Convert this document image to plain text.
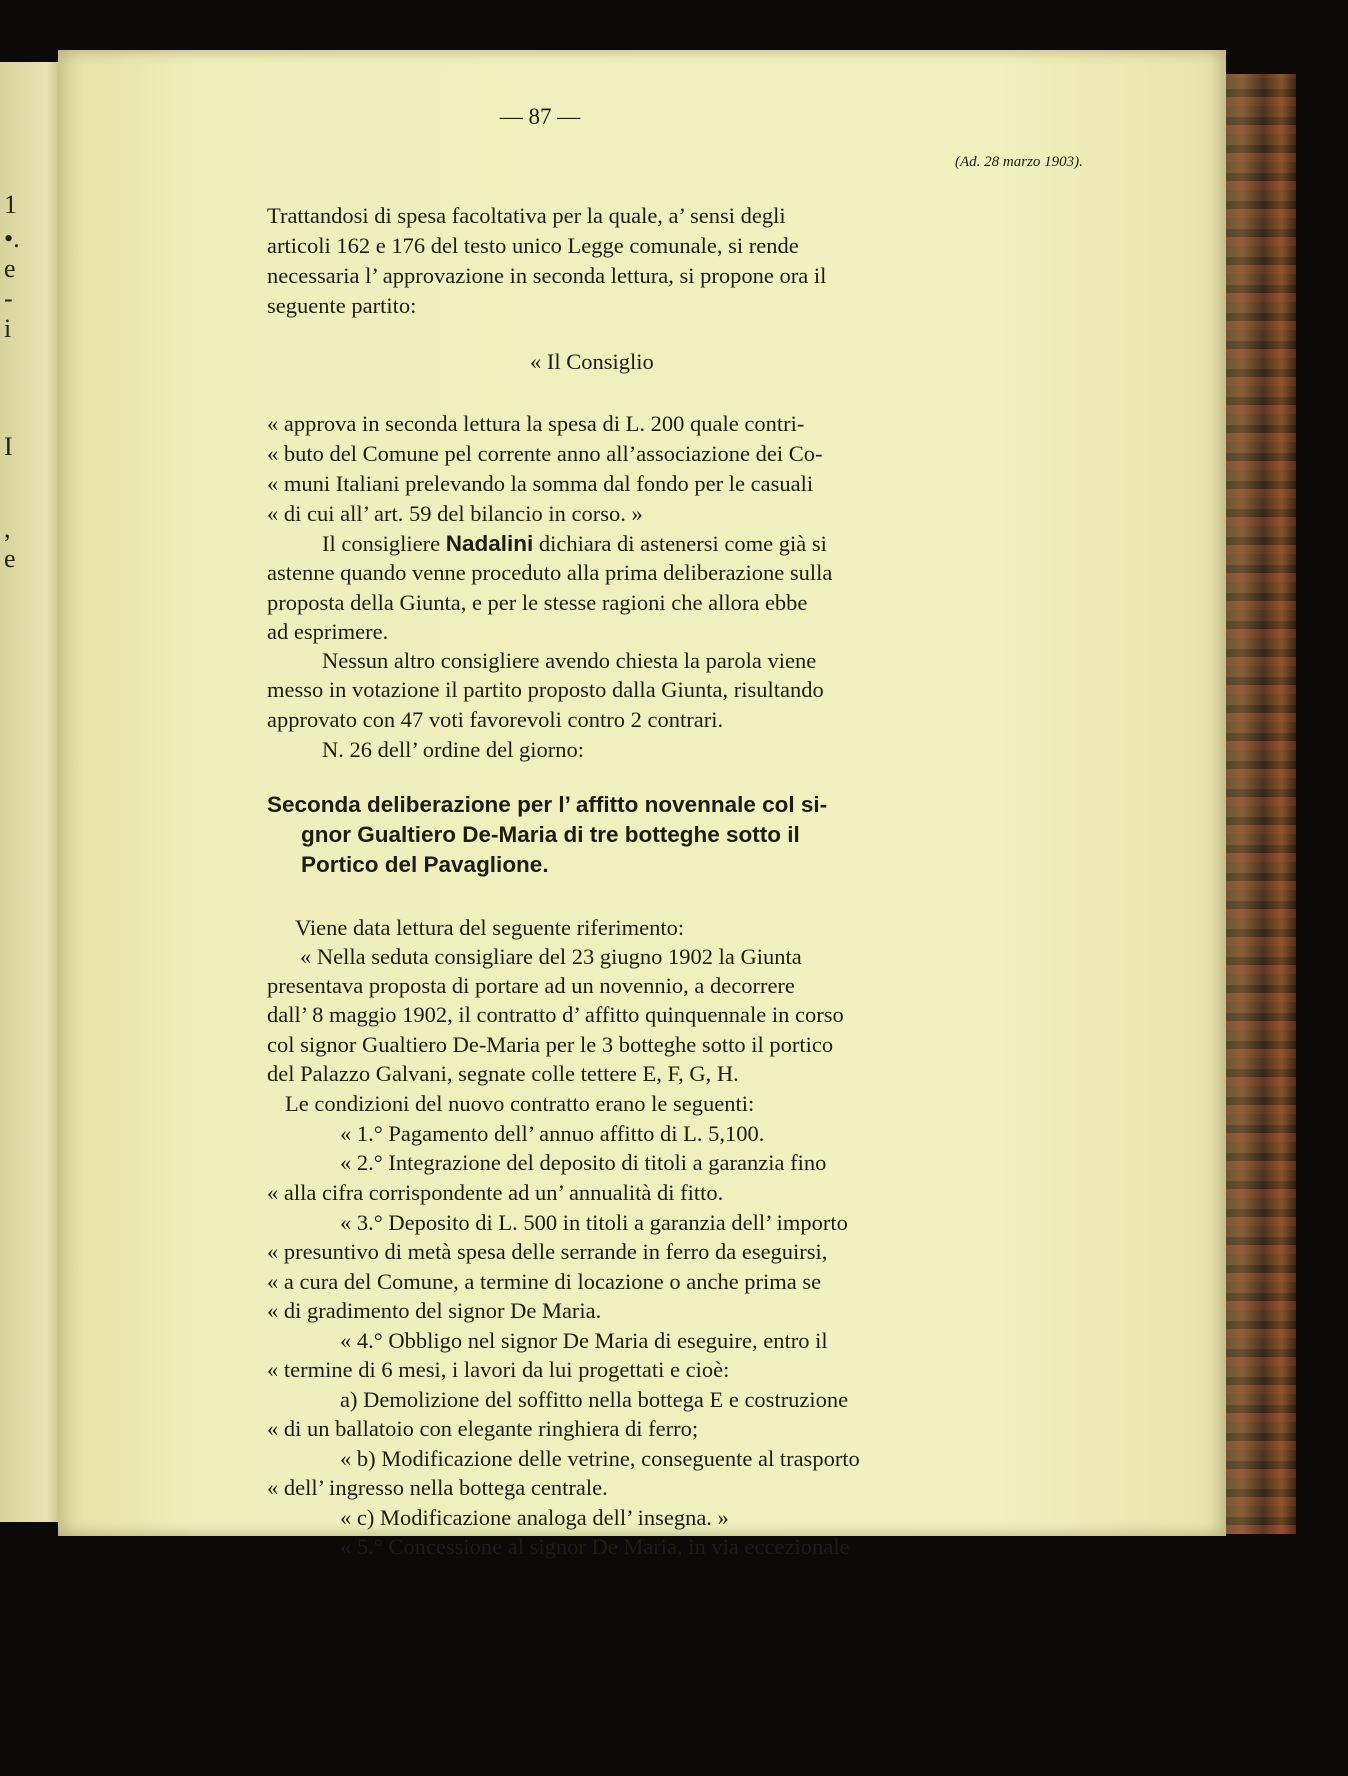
1
•.
e
-
i
I
,
e
— 87 —
(Ad. 28 marzo 1903).
Trattandosi di spesa facoltativa per la quale, a’ sensi degli
articoli 162 e 176 del testo unico Legge comunale, si rende
necessaria l’ approvazione in seconda lettura, si propone ora il
seguente partito:
« Il Consiglio
« approva in seconda lettura la spesa di L. 200 quale contri-
« buto del Comune pel corrente anno all’associazione dei Co-
« muni Italiani prelevando la somma dal fondo per le casuali
« di cui all’ art. 59 del bilancio in corso. »
Il consigliere Nadalini dichiara di astenersi come già si
astenne quando venne proceduto alla prima deliberazione sulla
proposta della Giunta, e per le stesse ragioni che allora ebbe
ad esprimere.
Nessun altro consigliere avendo chiesta la parola viene
messo in votazione il partito proposto dalla Giunta, risultando
approvato con 47 voti favorevoli contro 2 contrari.
N. 26 dell’ ordine del giorno:
Seconda deliberazione per l’ affitto novennale col si-
gnor Gualtiero De-Maria di tre botteghe sotto il
Portico del Pavaglione.
Viene data lettura del seguente riferimento:
« Nella seduta consigliare del 23 giugno 1902 la Giunta
presentava proposta di portare ad un novennio, a decorrere
dall’ 8 maggio 1902, il contratto d’ affitto quinquennale in corso
col signor Gualtiero De-Maria per le 3 botteghe sotto il portico
del Palazzo Galvani, segnate colle tettere E, F, G, H.
Le condizioni del nuovo contratto erano le seguenti:
« 1.° Pagamento dell’ annuo affitto di L. 5,100.
« 2.° Integrazione del deposito di titoli a garanzia fino
« alla cifra corrispondente ad un’ annualità di fitto.
« 3.° Deposito di L. 500 in titoli a garanzia dell’ importo
« presuntivo di metà spesa delle serrande in ferro da eseguirsi,
« a cura del Comune, a termine di locazione o anche prima se
« di gradimento del signor De Maria.
« 4.° Obbligo nel signor De Maria di eseguire, entro il
« termine di 6 mesi, i lavori da lui progettati e cioè:
a) Demolizione del soffitto nella bottega E e costruzione
« di un ballatoio con elegante ringhiera di ferro;
« b) Modificazione delle vetrine, conseguente al trasporto
« dell’ ingresso nella bottega centrale.
« c) Modificazione analoga dell’ insegna. »
« 5.° Concessione al signor De Maria, in via eccezionale
